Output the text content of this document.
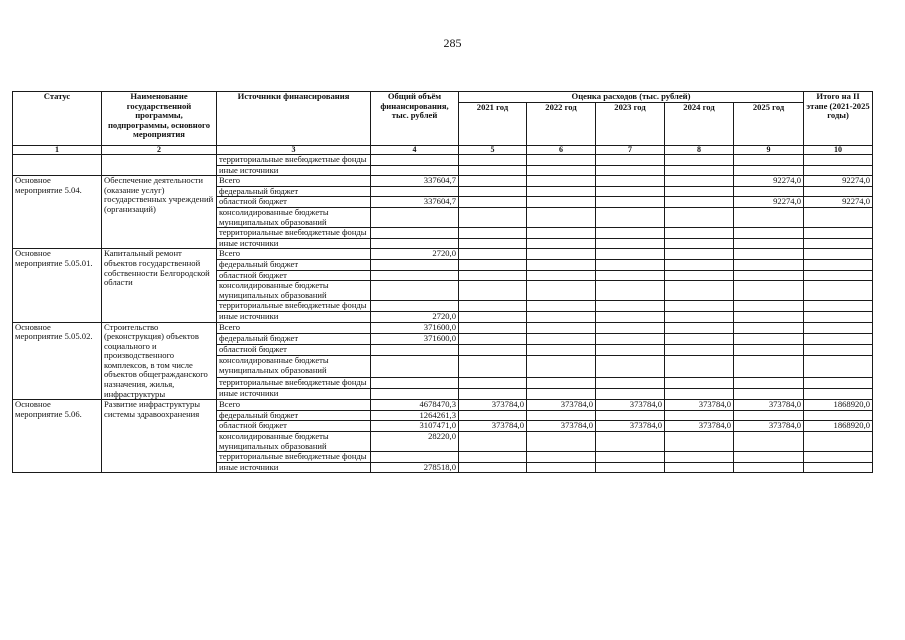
285
Статус	Наименование государственной программы, подпрограммы, основного мероприятия	Источники финансирования	Общий объём финансирования, тыс. рублей	Оценка расходов (тыс. рублей)					Итого на II этапе (2021-2025 годы)
				2021 год	2022 год	2023 год	2024 год	2025 год	
1	2	3	4	5	6	7	8	9	10
		территориальные внебюджетные фонды							
		иные источники							
Основное мероприятие 5.04.	Обеспечение деятельности (оказание услуг) государственных учреждений (организаций)	Всего	337604,7					92274,0	92274,0
		федеральный бюджет							
		областной бюджет	337604,7					92274,0	92274,0
		консолидированные бюджеты муниципальных образований							
		территориальные внебюджетные фонды							
		иные источники							
Основное мероприятие 5.05.01.	Капитальный ремонт объектов государственной собственности Белгородской области	Всего	2720,0						
		федеральный бюджет							
		областной бюджет							
		консолидированные бюджеты муниципальных образований							
		территориальные внебюджетные фонды							
		иные источники	2720,0						
Основное мероприятие 5.05.02.	Строительство (реконструкция) объектов социального и производственного комплексов, в том числе объектов общегражданского назначения, жилья, инфраструктуры	Всего	371600,0						
		федеральный бюджет	371600,0						
		областной бюджет							
		консолидированные бюджеты муниципальных образований							
		территориальные внебюджетные фонды							
		иные источники							
Основное мероприятие 5.06.	Развитие инфраструктуры системы здравоохранения	Всего	4678470,3	373784,0	373784,0	373784,0	373784,0	373784,0	1868920,0
		федеральный бюджет	1264261,3						
		областной бюджет	3107471,0	373784,0	373784,0	373784,0	373784,0	373784,0	1868920,0
		консолидированные бюджеты муниципальных образований	28220,0						
		территориальные внебюджетные фонды							
		иные источники	278518,0						
